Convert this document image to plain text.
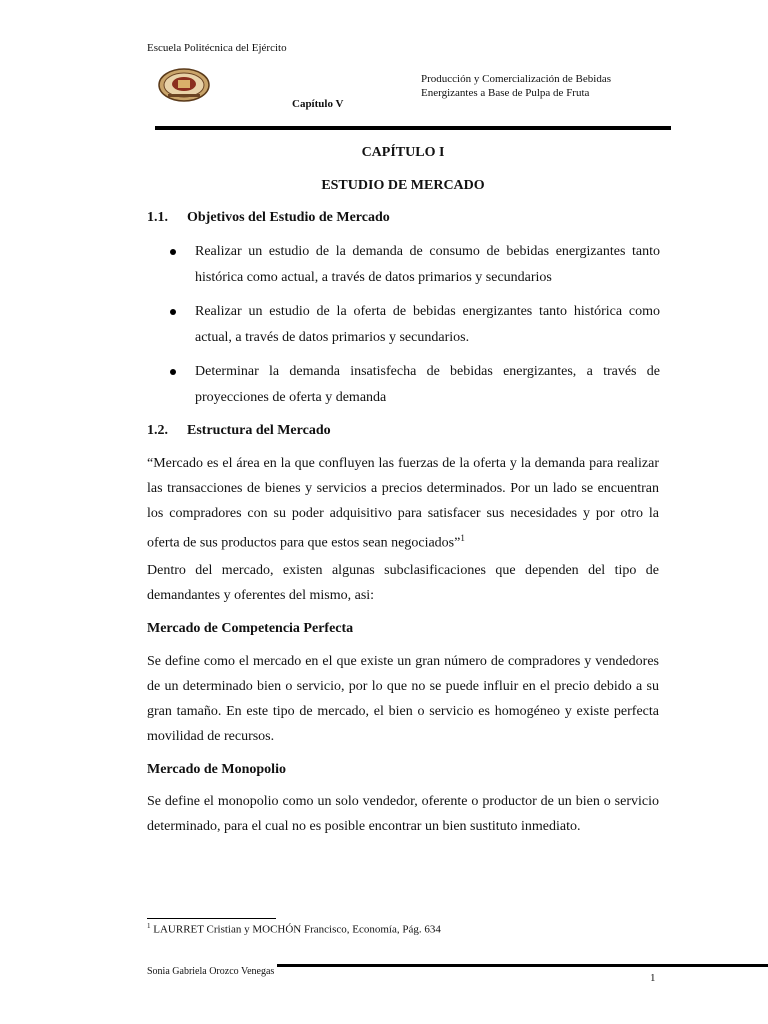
Escuela Politécnica del Ejército
Producción y Comercialización de Bebidas
Energizantes a Base de Pulpa de Fruta
Capítulo V
CAPÍTULO I
ESTUDIO DE MERCADO
1.1. Objetivos del Estudio de Mercado
Realizar un estudio de la demanda de consumo de bebidas energizantes tanto histórica como actual, a través de datos primarios y secundarios
Realizar un estudio de la oferta de bebidas energizantes tanto histórica como actual, a través de datos primarios y secundarios.
Determinar la demanda insatisfecha de bebidas energizantes, a través de proyecciones de oferta y demanda
1.2. Estructura del Mercado
“Mercado es el área en la que confluyen las fuerzas de la oferta y la demanda para realizar las transacciones de bienes y servicios a precios determinados. Por un lado se encuentran los compradores con su poder adquisitivo para satisfacer sus necesidades y por otro la oferta de sus productos para que estos sean negociados”$^1$
Dentro del mercado, existen algunas subclasificaciones que dependen del tipo de demandantes y oferentes del mismo, asi:
Mercado de Competencia Perfecta
Se define como el mercado en el que existe un gran número de compradores y vendedores de un determinado bien o servicio, por lo que no se puede influir en el precio debido a su gran tamaño. En este tipo de mercado, el bien o servicio es homogéneo y existe perfecta movilidad de recursos.
Mercado de Monopolio
Se define el monopolio como un solo vendedor, oferente o productor de un bien o servicio determinado, para el cual no es posible encontrar un bien sustituto inmediato.
$^1$ LAURRET Cristian y MOCHÓN Francisco, Economía, Pág. 634
Sonia Gabriela Orozco Venegas
1
